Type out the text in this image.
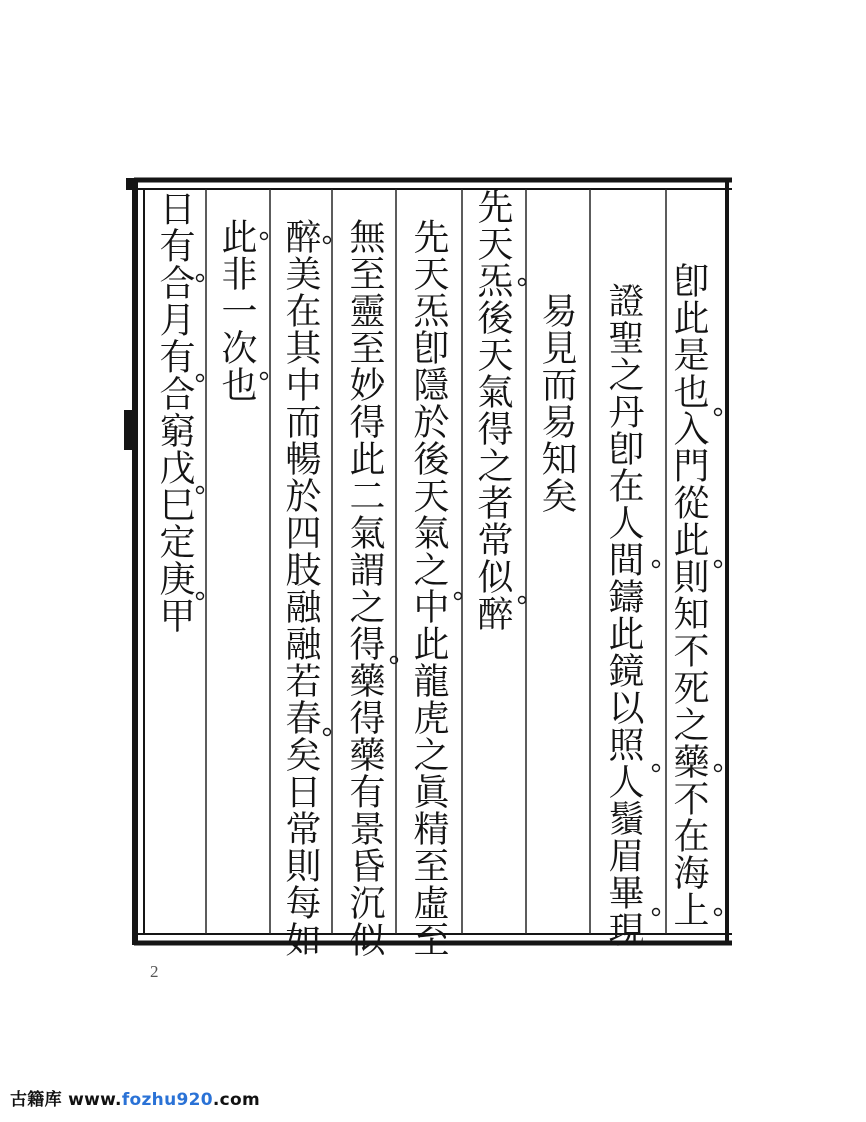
卽此是也入門從此則知不死之藥不在海上
證聖之丹卽在人間鑄此鏡以照人鬚眉畢現
易見而易知矣
先天炁後天氣得之者常似醉
先天炁卽隱於後天氣之中此龍虎之眞精至虛至
無至靈至妙得此二氣謂之得藥得藥有景昏沉似
醉美在其中而暢於四肢融融若春矣日常則每如
此非一次也
日有合月有合窮戊巳定庚甲
2
古籍库 www.fozhu920.com
